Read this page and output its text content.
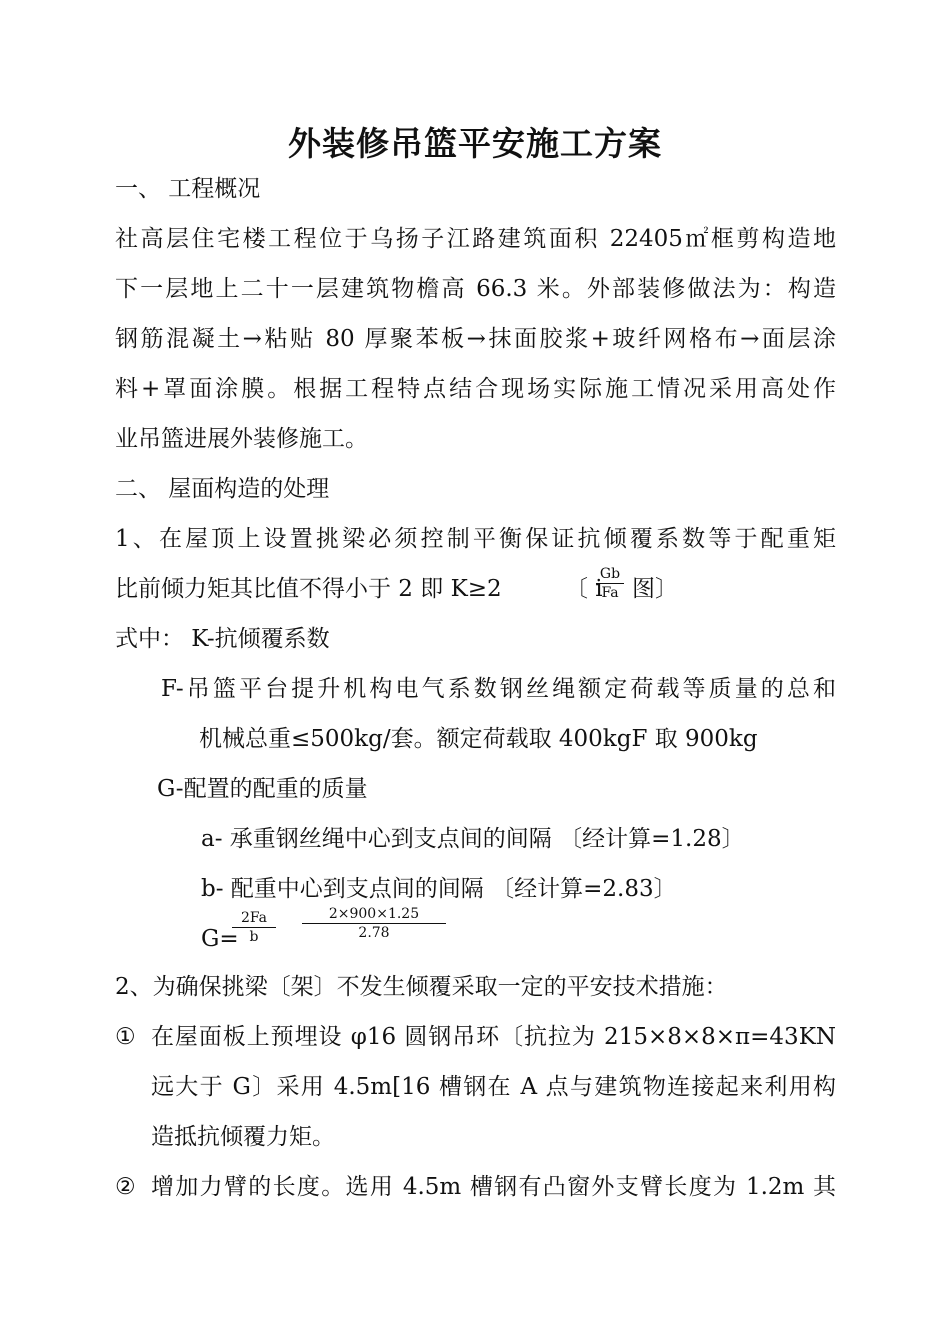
外装修吊篮平安施工方案
一、 工程概况
社高层住宅楼工程位于乌扬子江路建筑面积 22405㎡框剪构造地
下一层地上二十一层建筑物檐高 66.3 米。外部装修做法为：构造
钢筋混凝土→粘贴 80 厚聚苯板→抹面胶浆+玻纤网格布→面层涂
料+罩面涂膜。根据工程特点结合现场实际施工情况采用高处作
业吊篮进展外装修施工。
二、 屋面构造的处理
1、在屋顶上设置挑梁必须控制平衡保证抗倾覆系数等于配重矩
比前倾力矩其比值不得小于 2 即 K≥2	〔 i
Gb
Fa 图〕
式中： K-抗倾覆系数
F-吊篮平台提升机构电气系数钢丝绳额定荷载等质量的总和
机械总重≤500kg/套。额定荷载取 400kgF 取 900kg
G-配置的配重的质量
a- 承重钢丝绳中心到支点间的间隔 〔经计算=1.28〕
b- 配重中心到支点间的间隔 〔经计算=2.83〕
G=
2Fa
b
2×900×1.25
2.78
2、为确保挑梁〔架〕不发生倾覆采取一定的平安技术措施：
① 在屋面板上预埋设 φ16 圆钢吊环〔抗拉为 215×8×8×π=43KN
远大于 G〕采用 4.5m[16 槽钢在 A 点与建筑物连接起来利用构
造抵抗倾覆力矩。
② 增加力臂的长度。选用 4.5m 槽钢有凸窗外支臂长度为 1.2m 其
